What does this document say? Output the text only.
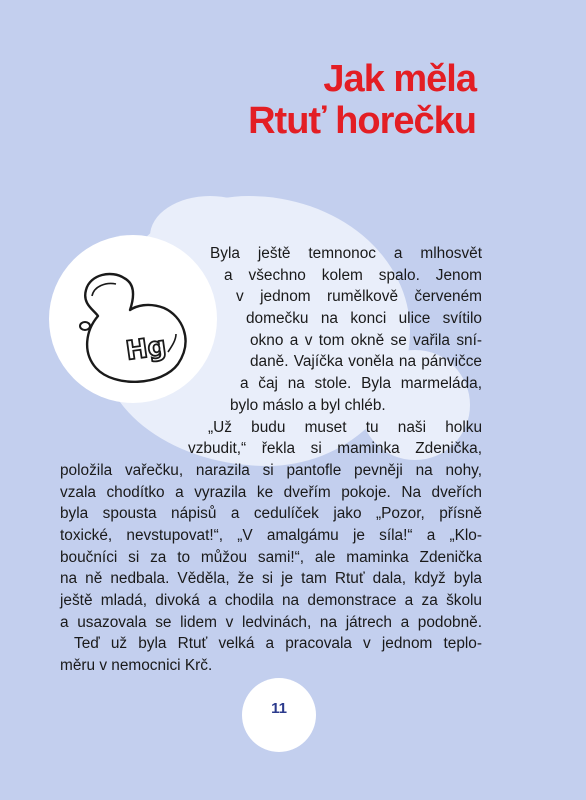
Jak měla
Rtuť horečku
Hg
Byla ještě temnonoc a mlhosvět
a všechno kolem spalo. Jenom
v jednom rumělkově červeném
domečku na konci ulice svítilo
okno a v tom okně se vařila sní-
daně. Vajíčka voněla na pánvičce
a čaj na stole. Byla marmeláda,
bylo máslo a byl chléb.
„Už budu muset tu naši holku
vzbudit,“ řekla si maminka Zdenička,
položila vařečku, narazila si pantofle pevněji na nohy,
vzala chodítko a vyrazila ke dveřím pokoje. Na dveřích
byla spousta nápisů a cedulíček jako „Pozor, přísně
toxické, nevstupovat!“, „V amalgámu je síla!“ a „Klo-
boučníci si za to můžou sami!“, ale maminka Zdenička
na ně nedbala. Věděla, že si je tam Rtuť dala, když byla
ještě mladá, divoká a chodila na demonstrace a za školu
a usazovala se lidem v ledvinách, na játrech a podobně.
Teď už byla Rtuť velká a pracovala v jednom teplo-
měru v nemocnici Krč.
11
